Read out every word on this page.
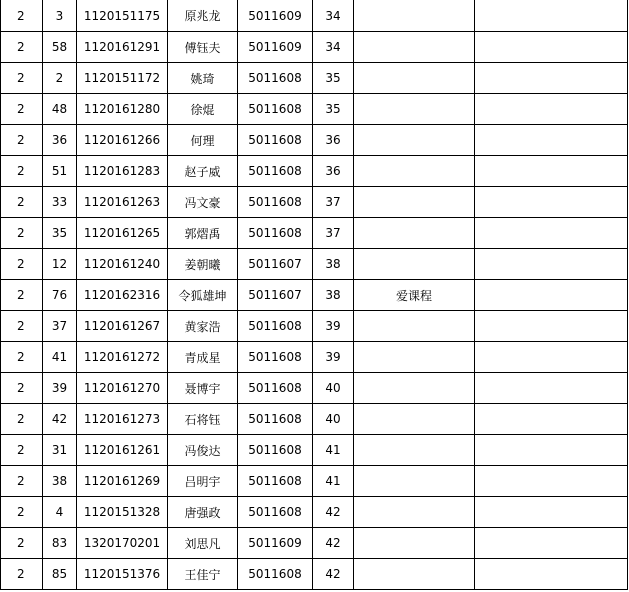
2	3	1120151175	原兆龙	5011609	34		
2	58	1120161291	傅钰夫	5011609	34		
2	2	1120151172	姚琦	5011608	35		
2	48	1120161280	徐焜	5011608	35		
2	36	1120161266	何理	5011608	36		
2	51	1120161283	赵子威	5011608	36		
2	33	1120161263	冯文豪	5011608	37		
2	35	1120161265	郭熠禹	5011608	37		
2	12	1120161240	姜朝曦	5011607	38		
2	76	1120162316	令狐雄坤	5011607	38	爱课程	
2	37	1120161267	黄家浩	5011608	39		
2	41	1120161272	青成星	5011608	39		
2	39	1120161270	聂博宇	5011608	40		
2	42	1120161273	石将钰	5011608	40		
2	31	1120161261	冯俊达	5011608	41		
2	38	1120161269	吕明宇	5011608	41		
2	4	1120151328	唐强政	5011608	42		
2	83	1320170201	刘思凡	5011609	42		
2	85	1120151376	王佳宁	5011608	42		
